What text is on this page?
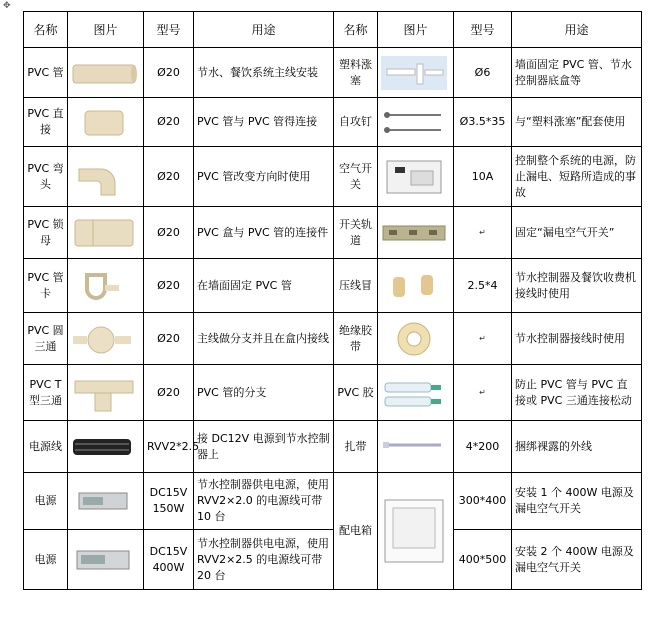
✥
名称	图片	型号	用途	名称	图片	型号	用途
PVC 管		Ø20	节水、餐饮系统主线安装	塑料涨塞		Ø6	墙面固定 PVC 管、节水控制器底盒等
PVC 直接		Ø20	PVC 管与 PVC 管得连接	自攻钉		Ø3.5*35	与“塑料涨塞”配套使用
PVC 弯头		Ø20	PVC 管改变方向时使用	空气开关		10A	控制整个系统的电源，防止漏电、短路所造成的事故
PVC 锁母		Ø20	PVC 盒与 PVC 管的连接件	开关轨道		↵	固定“漏电空气开关”
PVC 管卡		Ø20	在墙面固定 PVC 管	压线冒		2.5*4	节水控制器及餐饮收费机接线时使用
PVC 圆三通		Ø20	主线做分支并且在盒内接线	绝缘胶带		↵	节水控制器接线时使用
PVC T 型三通		Ø20	PVC 管的分支	PVC 胶		↵	防止 PVC 管与 PVC 直接或 PVC 三通连接松动
电源线		RVV2*2.5	接 DC12V 电源到节水控制器上	扎带		4*200	捆绑裸露的外线
电源		DC15V 150W	节水控制器供电电源，使用 RVV2×2.0 的电源线可带 10 台	配电箱		300*400	安装 1 个 400W 电源及漏电空气开关
电源		DC15V 400W	节水控制器供电电源，使用 RVV2×2.5 的电源线可带 20 台			400*500	安装 2 个 400W 电源及漏电空气开关
